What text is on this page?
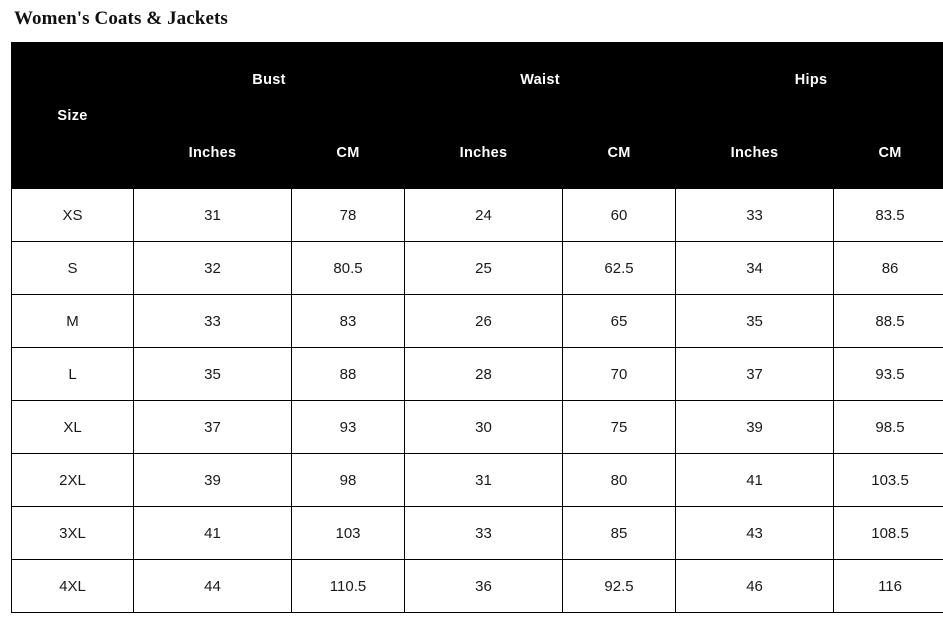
Women's Coats & Jackets
Size	Bust		Waist		Hips	
	Inches	CM	Inches	CM	Inches	CM
XS	31	78	24	60	33	83.5
S	32	80.5	25	62.5	34	86
M	33	83	26	65	35	88.5
L	35	88	28	70	37	93.5
XL	37	93	30	75	39	98.5
2XL	39	98	31	80	41	103.5
3XL	41	103	33	85	43	108.5
4XL	44	110.5	36	92.5	46	116
